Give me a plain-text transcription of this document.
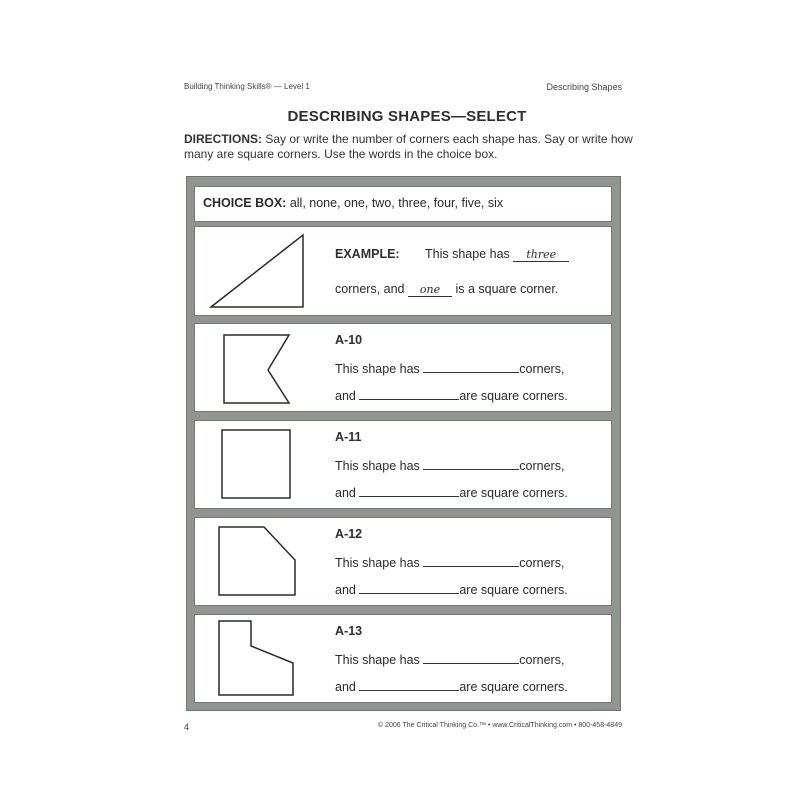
Building Thinking Skills® — Level 1	Describing Shapes
DESCRIBING SHAPES—SELECT
DIRECTIONS: Say or write the number of corners each shape has. Say or write how many are square corners. Use the words in the choice box.
CHOICE BOX: all, none, one, two, three, four, five, six
EXAMPLE: This shape has three
corners, and one is a square corner.
A-10
This shape has	corners,
and	are square corners.
A-11
This shape has	corners,
and	are square corners.
A-12
This shape has	corners,
and	are square corners.
A-13
This shape has	corners,
and	are square corners.
4	© 2006 The Critical Thinking Co.™ • www.CriticalThinking.com • 800-458-4849
